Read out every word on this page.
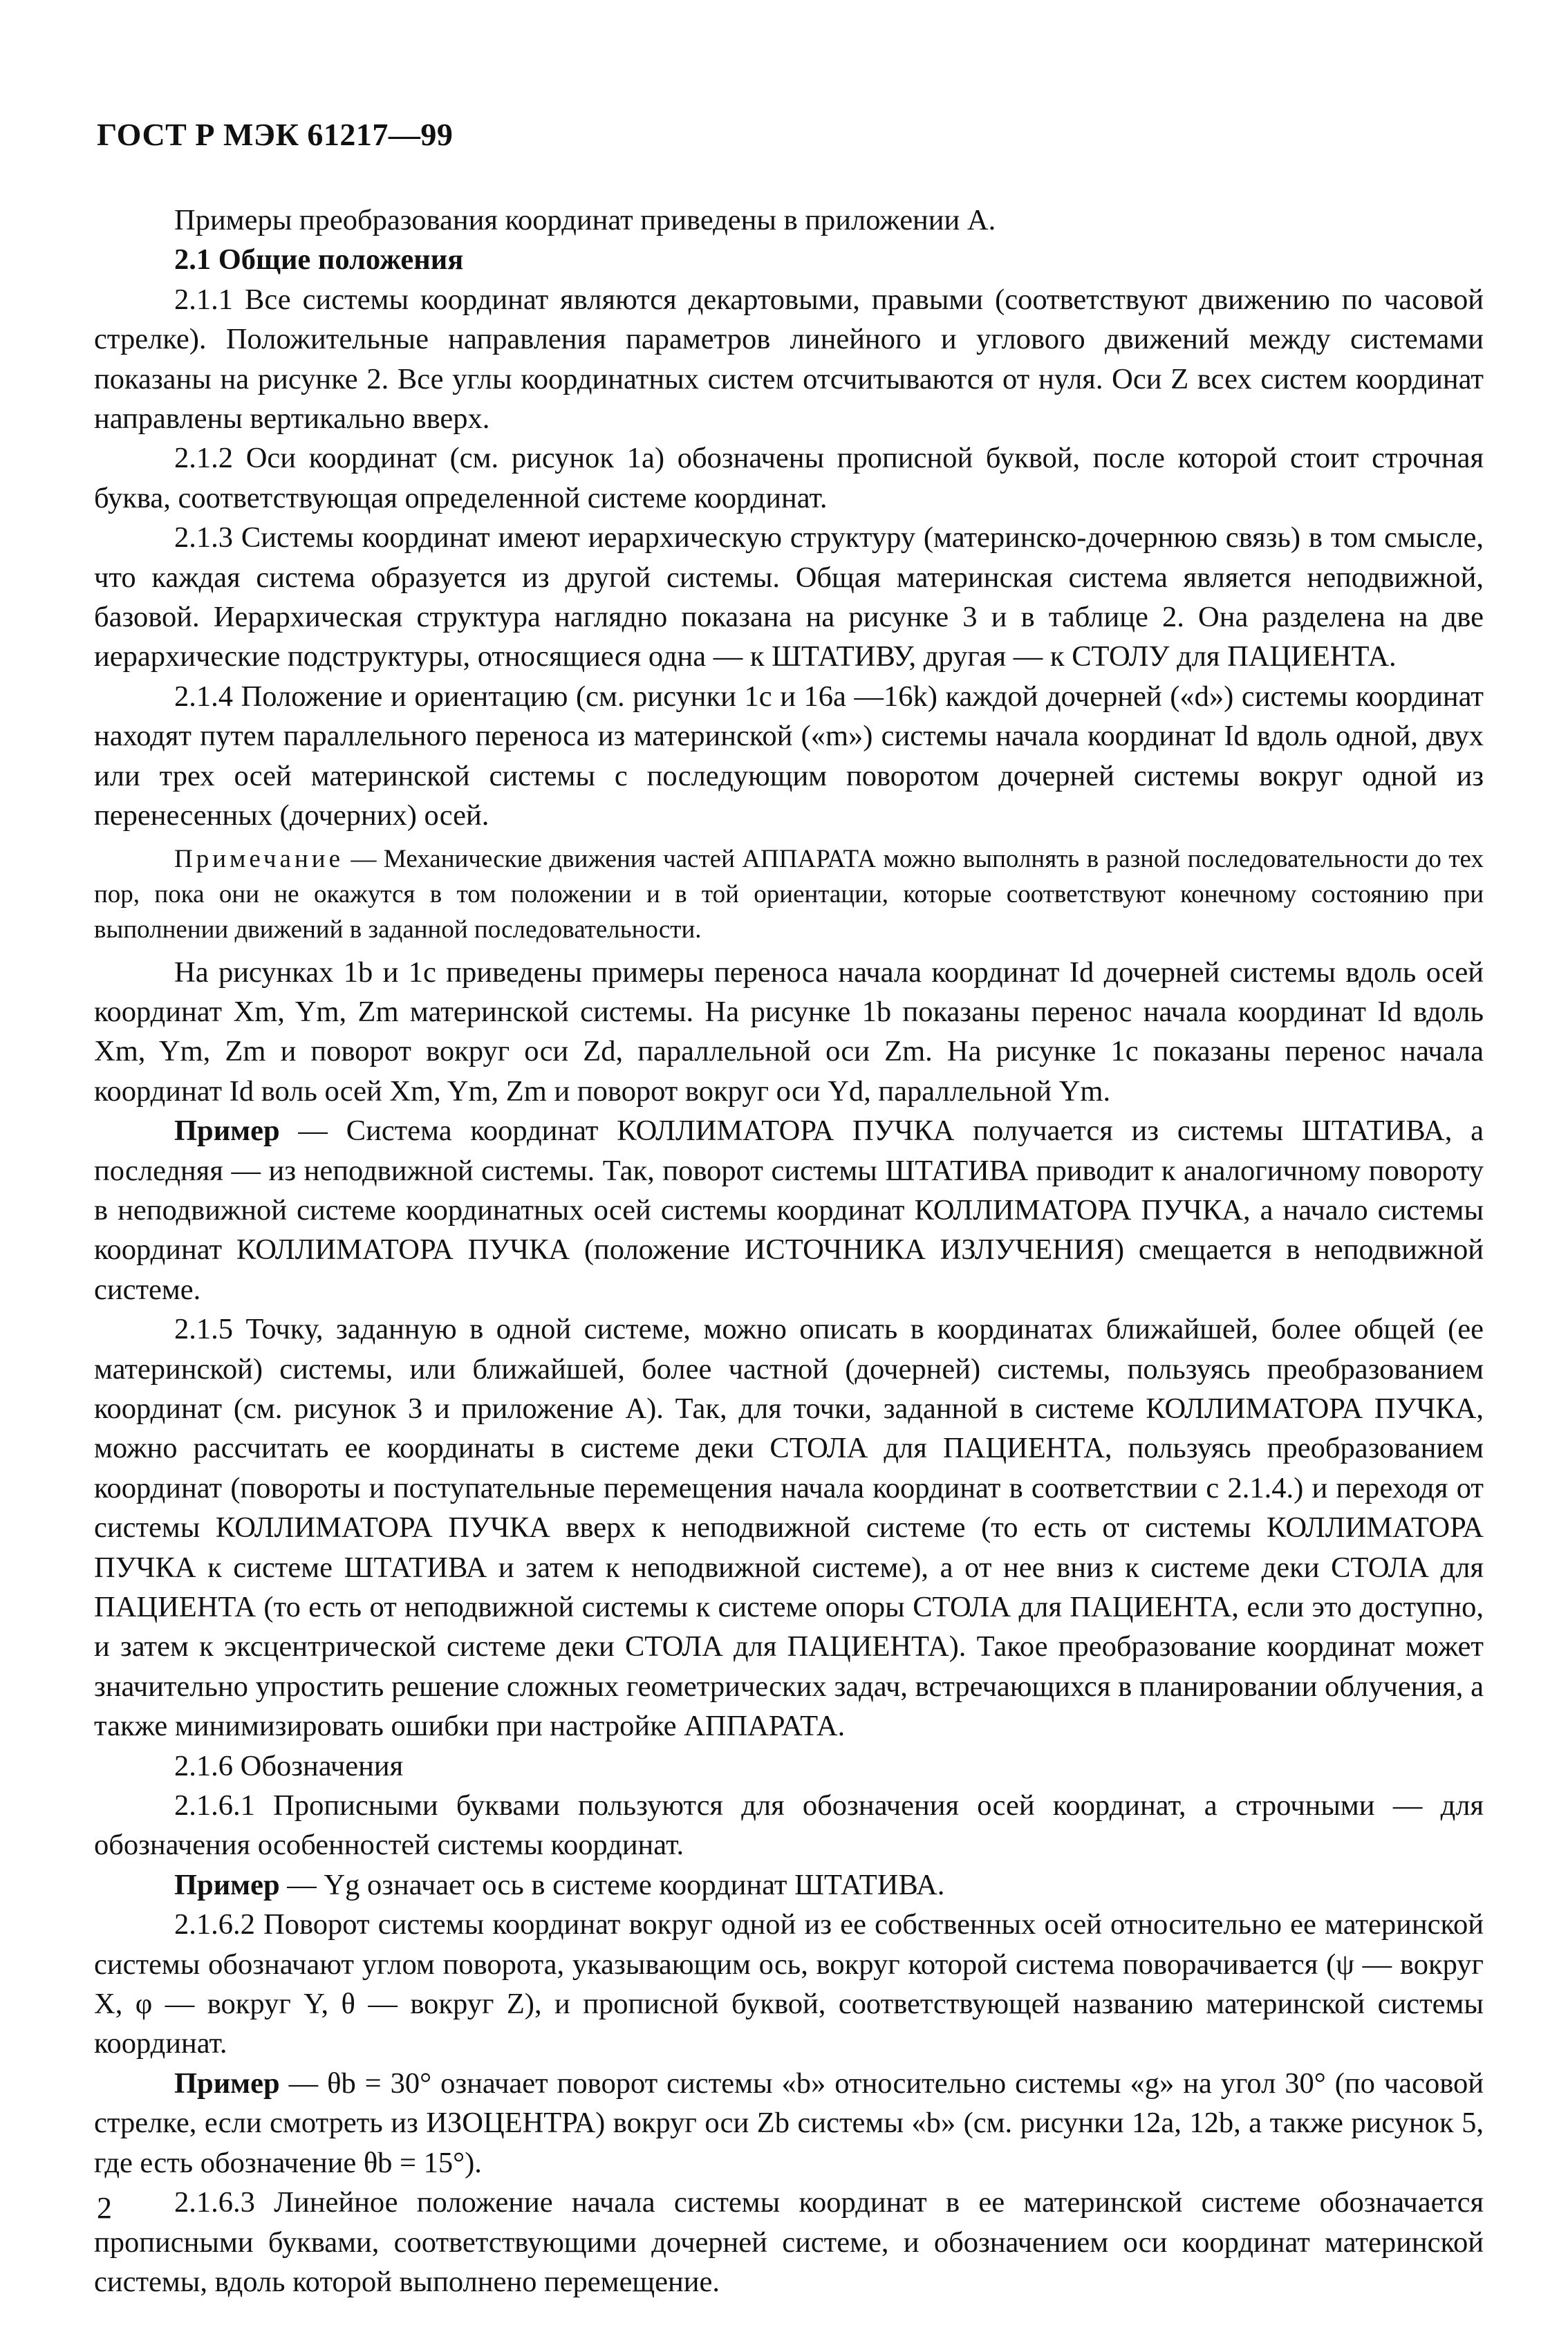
ГОСТ Р МЭК 61217—99

Примеры преобразования координат приведены в приложении А.

2.1 Общие положения

2.1.1 Все системы координат являются декартовыми, правыми (соответствуют движению по часовой стрелке). Положительные направления параметров линейного и углового движений между системами показаны на рисунке 2. Все углы координатных систем отсчитываются от нуля. Оси Z всех систем координат направлены вертикально вверх.

2.1.2 Оси координат (см. рисунок 1а) обозначены прописной буквой, после которой стоит строчная буква, соответствующая определенной системе координат.

2.1.3 Системы координат имеют иерархическую структуру (материнско-дочернюю связь) в том смысле, что каждая система образуется из другой системы. Общая материнская система является неподвижной, базовой. Иерархическая структура наглядно показана на рисунке 3 и в таблице 2. Она разделена на две иерархические подструктуры, относящиеся одна — к ШТАТИВУ, другая — к СТОЛУ для ПАЦИЕНТА.

2.1.4 Положение и ориентацию (см. рисунки 1с и 16а —16k) каждой дочерней («d») системы координат находят путем параллельного переноса из материнской («m») системы начала координат Id вдоль одной, двух или трех осей материнской системы с последующим поворотом дочерней системы вокруг одной из перенесенных (дочерних) осей.

Примечание — Механические движения частей АППАРАТА можно выполнять в разной последовательности до тех пор, пока они не окажутся в том положении и в той ориентации, которые соответствуют конечному состоянию при выполнении движений в заданной последовательности.

На рисунках 1b и 1с приведены примеры переноса начала координат Id дочерней системы вдоль осей координат Xm, Ym, Zm материнской системы. На рисунке 1b показаны перенос начала координат Id вдоль Xm, Ym, Zm и поворот вокруг оси Zd, параллельной оси Zm. На рисунке 1с показаны перенос начала координат Id воль осей Xm, Ym, Zm и поворот вокруг оси Yd, параллельной Ym.

Пример — Система координат КОЛЛИМАТОРА ПУЧКА получается из системы ШТАТИВА, а последняя — из неподвижной системы. Так, поворот системы ШТАТИВА приводит к аналогичному повороту в неподвижной системе координатных осей системы координат КОЛЛИМАТОРА ПУЧКА, а начало системы координат КОЛЛИМАТОРА ПУЧКА (положение ИСТОЧНИКА ИЗЛУЧЕНИЯ) смещается в неподвижной системе.

2.1.5 Точку, заданную в одной системе, можно описать в координатах ближайшей, более общей (ее материнской) системы, или ближайшей, более частной (дочерней) системы, пользуясь преобразованием координат (см. рисунок 3 и приложение А). Так, для точки, заданной в системе КОЛЛИМАТОРА ПУЧКА, можно рассчитать ее координаты в системе деки СТОЛА для ПАЦИЕНТА, пользуясь преобразованием координат (повороты и поступательные перемещения начала координат в соответствии с 2.1.4.) и переходя от системы КОЛЛИМАТОРА ПУЧКА вверх к неподвижной системе (то есть от системы КОЛЛИМАТОРА ПУЧКА к системе ШТАТИВА и затем к неподвижной системе), а от нее вниз к системе деки СТОЛА для ПАЦИЕНТА (то есть от неподвижной системы к системе опоры СТОЛА для ПАЦИЕНТА, если это доступно, и затем к эксцентрической системе деки СТОЛА для ПАЦИЕНТА). Такое преобразование координат может значительно упростить решение сложных геометрических задач, встречающихся в планировании облучения, а также минимизировать ошибки при настройке АППАРАТА.

2.1.6 Обозначения

2.1.6.1 Прописными буквами пользуются для обозначения осей координат, а строчными — для обозначения особенностей системы координат.

Пример — Yg означает ось в системе координат ШТАТИВА.

2.1.6.2 Поворот системы координат вокруг одной из ее собственных осей относительно ее материнской системы обозначают углом поворота, указывающим ось, вокруг которой система поворачивается (ψ — вокруг X, φ — вокруг Y, θ — вокруг Z), и прописной буквой, соответствующей названию материнской системы координат.

Пример — θb = 30° означает поворот системы «b» относительно системы «g» на угол 30° (по часовой стрелке, если смотреть из ИЗОЦЕНТРА) вокруг оси Zb системы «b» (см. рисунки 12а, 12b, а также рисунок 5, где есть обозначение θb = 15°).

2.1.6.3 Линейное положение начала системы координат в ее материнской системе обозначается прописными буквами, соответствующими дочерней системе, и обозначением оси координат материнской системы, вдоль которой выполнено перемещение.

2
